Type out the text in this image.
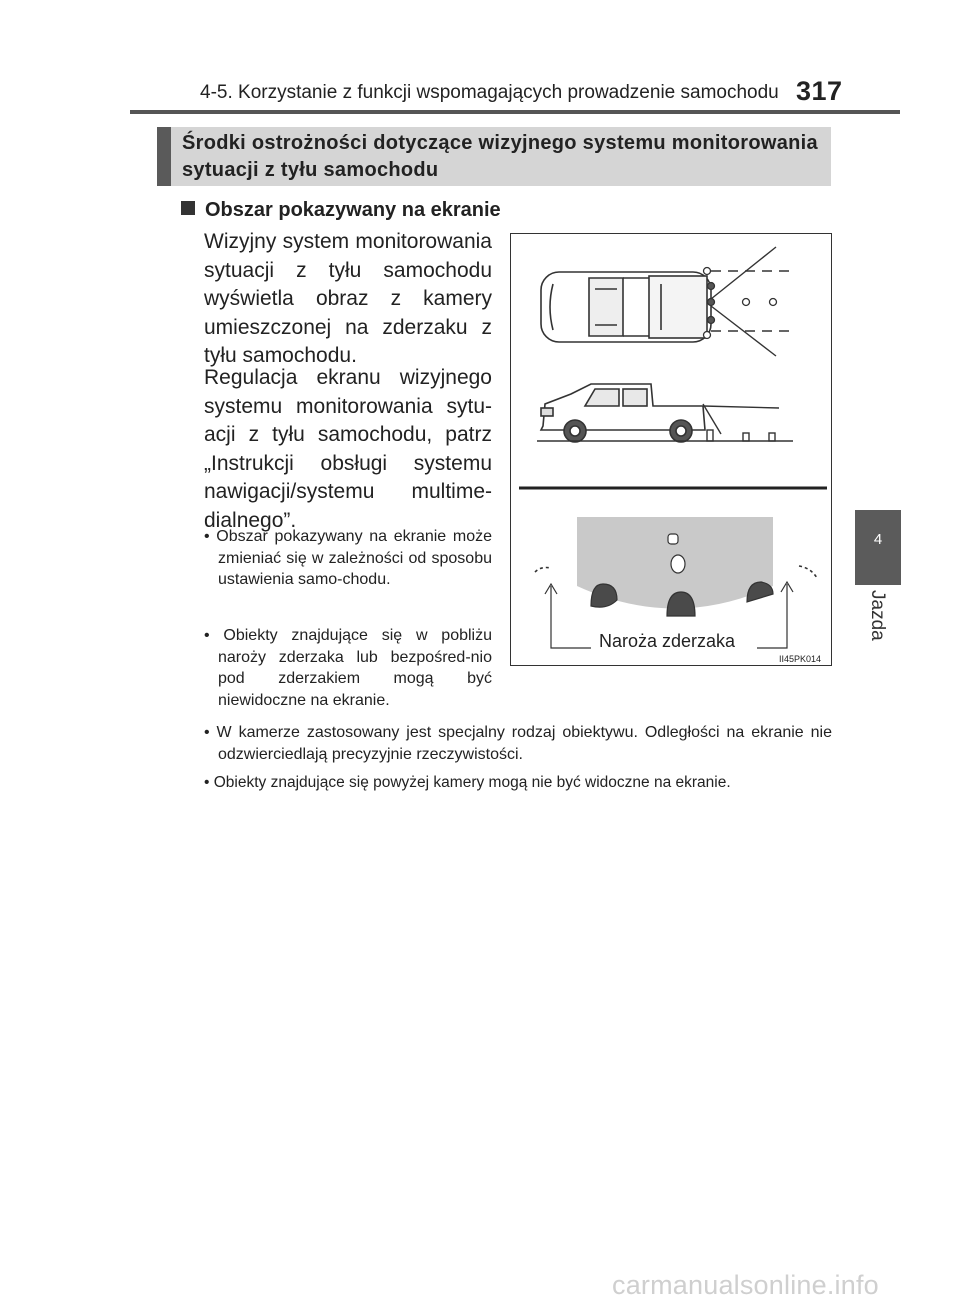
4-5. Korzystanie z funkcji wspomagających prowadzenie samochodu 317
4
Jazda
Środki ostrożności dotyczące wizyjnego systemu monitorowania
sytuacji z tyłu samochodu
Obszar pokazywany na ekranie
Wizyjny system monitorowania sytuacji z tyłu samochodu wyświetla obraz z kamery umieszczonej na zderzaku z tyłu samochodu.
Regulacja ekranu wizyjnego systemu monitorowania sytu-acji z tyłu samochodu, patrz „Instrukcji obsługi systemu nawigacji/systemu multime-dialnego”.
• Obszar pokazywany na ekranie może zmieniać się w zależności od sposobu ustawienia samo-chodu.
• Obiekty znajdujące się w pobliżu naroży zderzaka lub bezpośred-nio pod zderzakiem mogą być niewidoczne na ekranie.
• W kamerze zastosowany jest specjalny rodzaj obiektywu. Odległości na ekranie nie odzwierciedlają precyzyjnie rzeczywistości.
• Obiekty znajdujące się powyżej kamery mogą nie być widoczne na ekranie.
Naroża zderzaka
II45PK014
carmanualsonline.info
